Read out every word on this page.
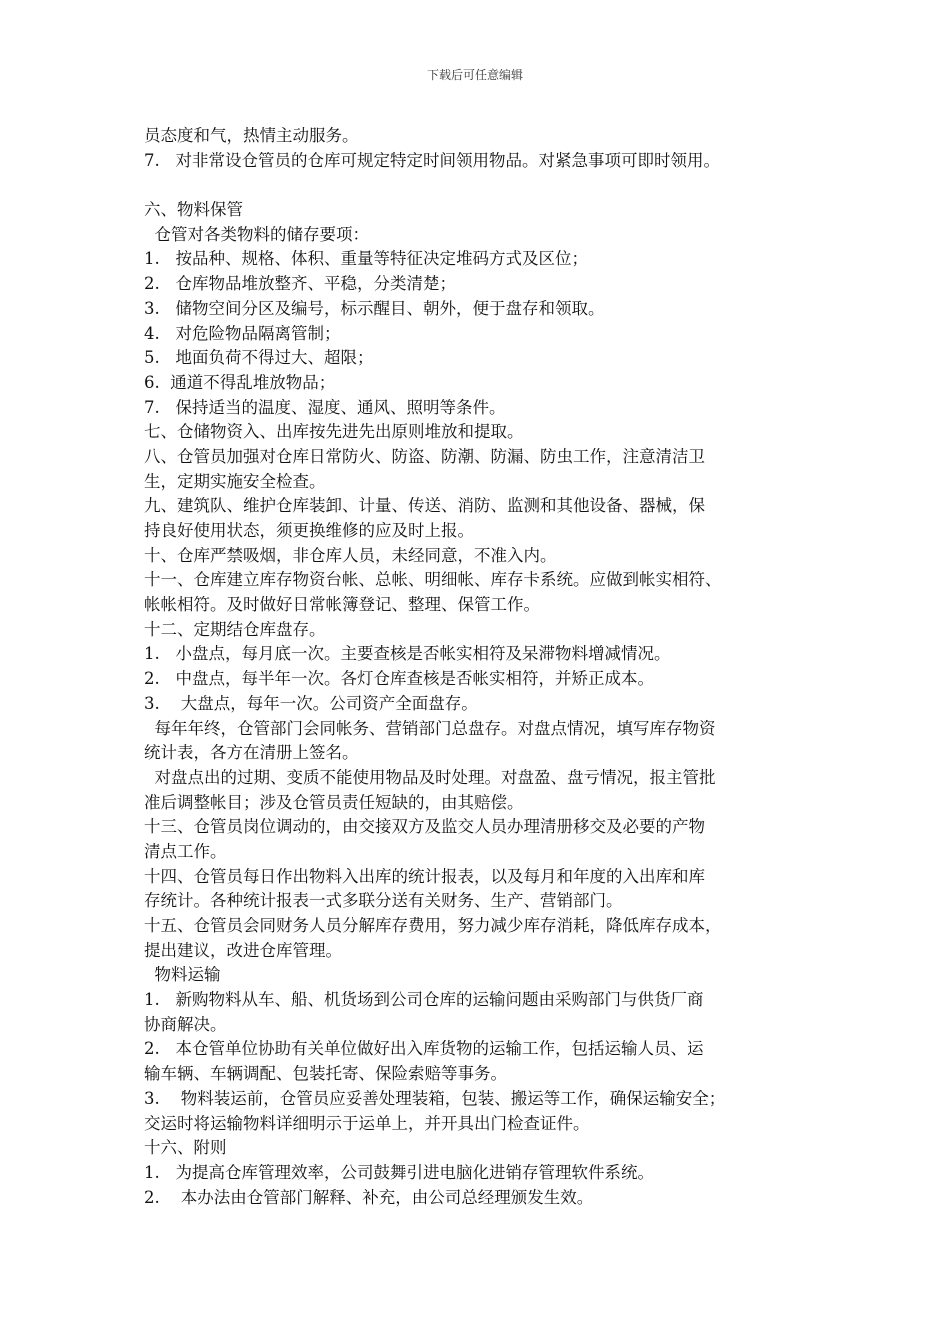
下载后可任意编辑
员态度和气，热情主动服务。
7.   对非常设仓管员的仓库可规定特定时间领用物品。对紧急事项可即时领用。
六、物料保管
仓管对各类物料的储存要项：
1.   按品种、规格、体积、重量等特征决定堆码方式及区位；
2.   仓库物品堆放整齐、平稳，分类清楚；
3.   储物空间分区及编号，标示醒目、朝外，便于盘存和领取。
4.   对危险物品隔离管制；
5.   地面负荷不得过大、超限；
6.  通道不得乱堆放物品；
7.   保持适当的温度、湿度、通风、照明等条件。
七、仓储物资入、出库按先进先出原则堆放和提取。
八、仓管员加强对仓库日常防火、防盗、防潮、防漏、防虫工作，注意清洁卫
生，定期实施安全检查。
九、建筑队、维护仓库装卸、计量、传送、消防、监测和其他设备、器械，保
持良好使用状态，须更换维修的应及时上报。
十、仓库严禁吸烟，非仓库人员，未经同意，不准入内。
十一、仓库建立库存物资台帐、总帐、明细帐、库存卡系统。应做到帐实相符、
帐帐相符。及时做好日常帐簿登记、整理、保管工作。
十二、定期结仓库盘存。
1.   小盘点，每月底一次。主要查核是否帐实相符及呆滞物料增减情况。
2.   中盘点，每半年一次。各灯仓库查核是否帐实相符，并矫正成本。
3.    大盘点，每年一次。公司资产全面盘存。
每年年终，仓管部门会同帐务、营销部门总盘存。对盘点情况，填写库存物资
统计表，各方在清册上签名。
对盘点出的过期、变质不能使用物品及时处理。对盘盈、盘亏情况，报主管批
准后调整帐目；涉及仓管员责任短缺的，由其赔偿。
十三、仓管员岗位调动的，由交接双方及监交人员办理清册移交及必要的产物
清点工作。
十四、仓管员每日作出物料入出库的统计报表，以及每月和年度的入出库和库
存统计。各种统计报表一式多联分送有关财务、生产、营销部门。
十五、仓管员会同财务人员分解库存费用，努力减少库存消耗，降低库存成本，
提出建议，改进仓库管理。
物料运输
1.   新购物料从车、船、机货场到公司仓库的运输问题由采购部门与供货厂商
协商解决。
2.   本仓管单位协助有关单位做好出入库货物的运输工作，包括运输人员、运
输车辆、车辆调配、包装托寄、保险索赔等事务。
3.    物料装运前，仓管员应妥善处理装箱，包装、搬运等工作，确保运输安全；
交运时将运输物料详细明示于运单上，并开具出门检查证件。
十六、附则
1.   为提高仓库管理效率，公司鼓舞引进电脑化进销存管理软件系统。
2.    本办法由仓管部门解释、补充，由公司总经理颁发生效。
